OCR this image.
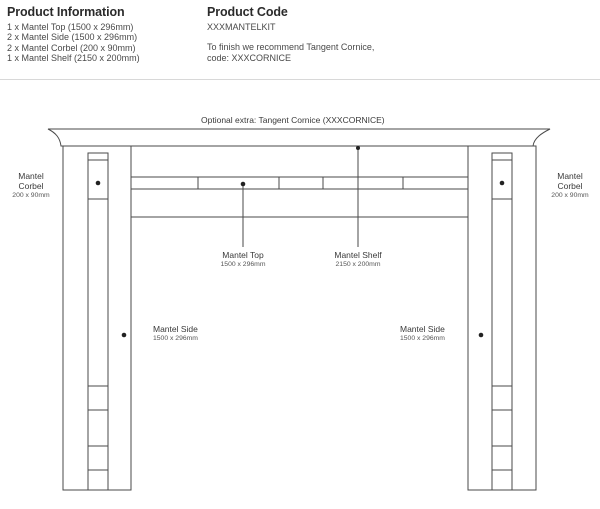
Product Information
1 x Mantel Top (1500 x 296mm)
2 x Mantel Side (1500 x 296mm)
2 x Mantel Corbel (200 x 90mm)
1 x Mantel Shelf (2150 x 200mm)
Product Code
XXXMANTELKIT
To finish we recommend Tangent Cornice,
code: XXXCORNICE
Optional extra: Tangent Cornice (XXXCORNICE)
Mantel
Corbel
200 x 90mm
Mantel
Corbel
200 x 90mm
Mantel Top
1500 x 296mm
Mantel Shelf
2150 x 200mm
Mantel Side
1500 x 296mm
Mantel Side
1500 x 296mm
